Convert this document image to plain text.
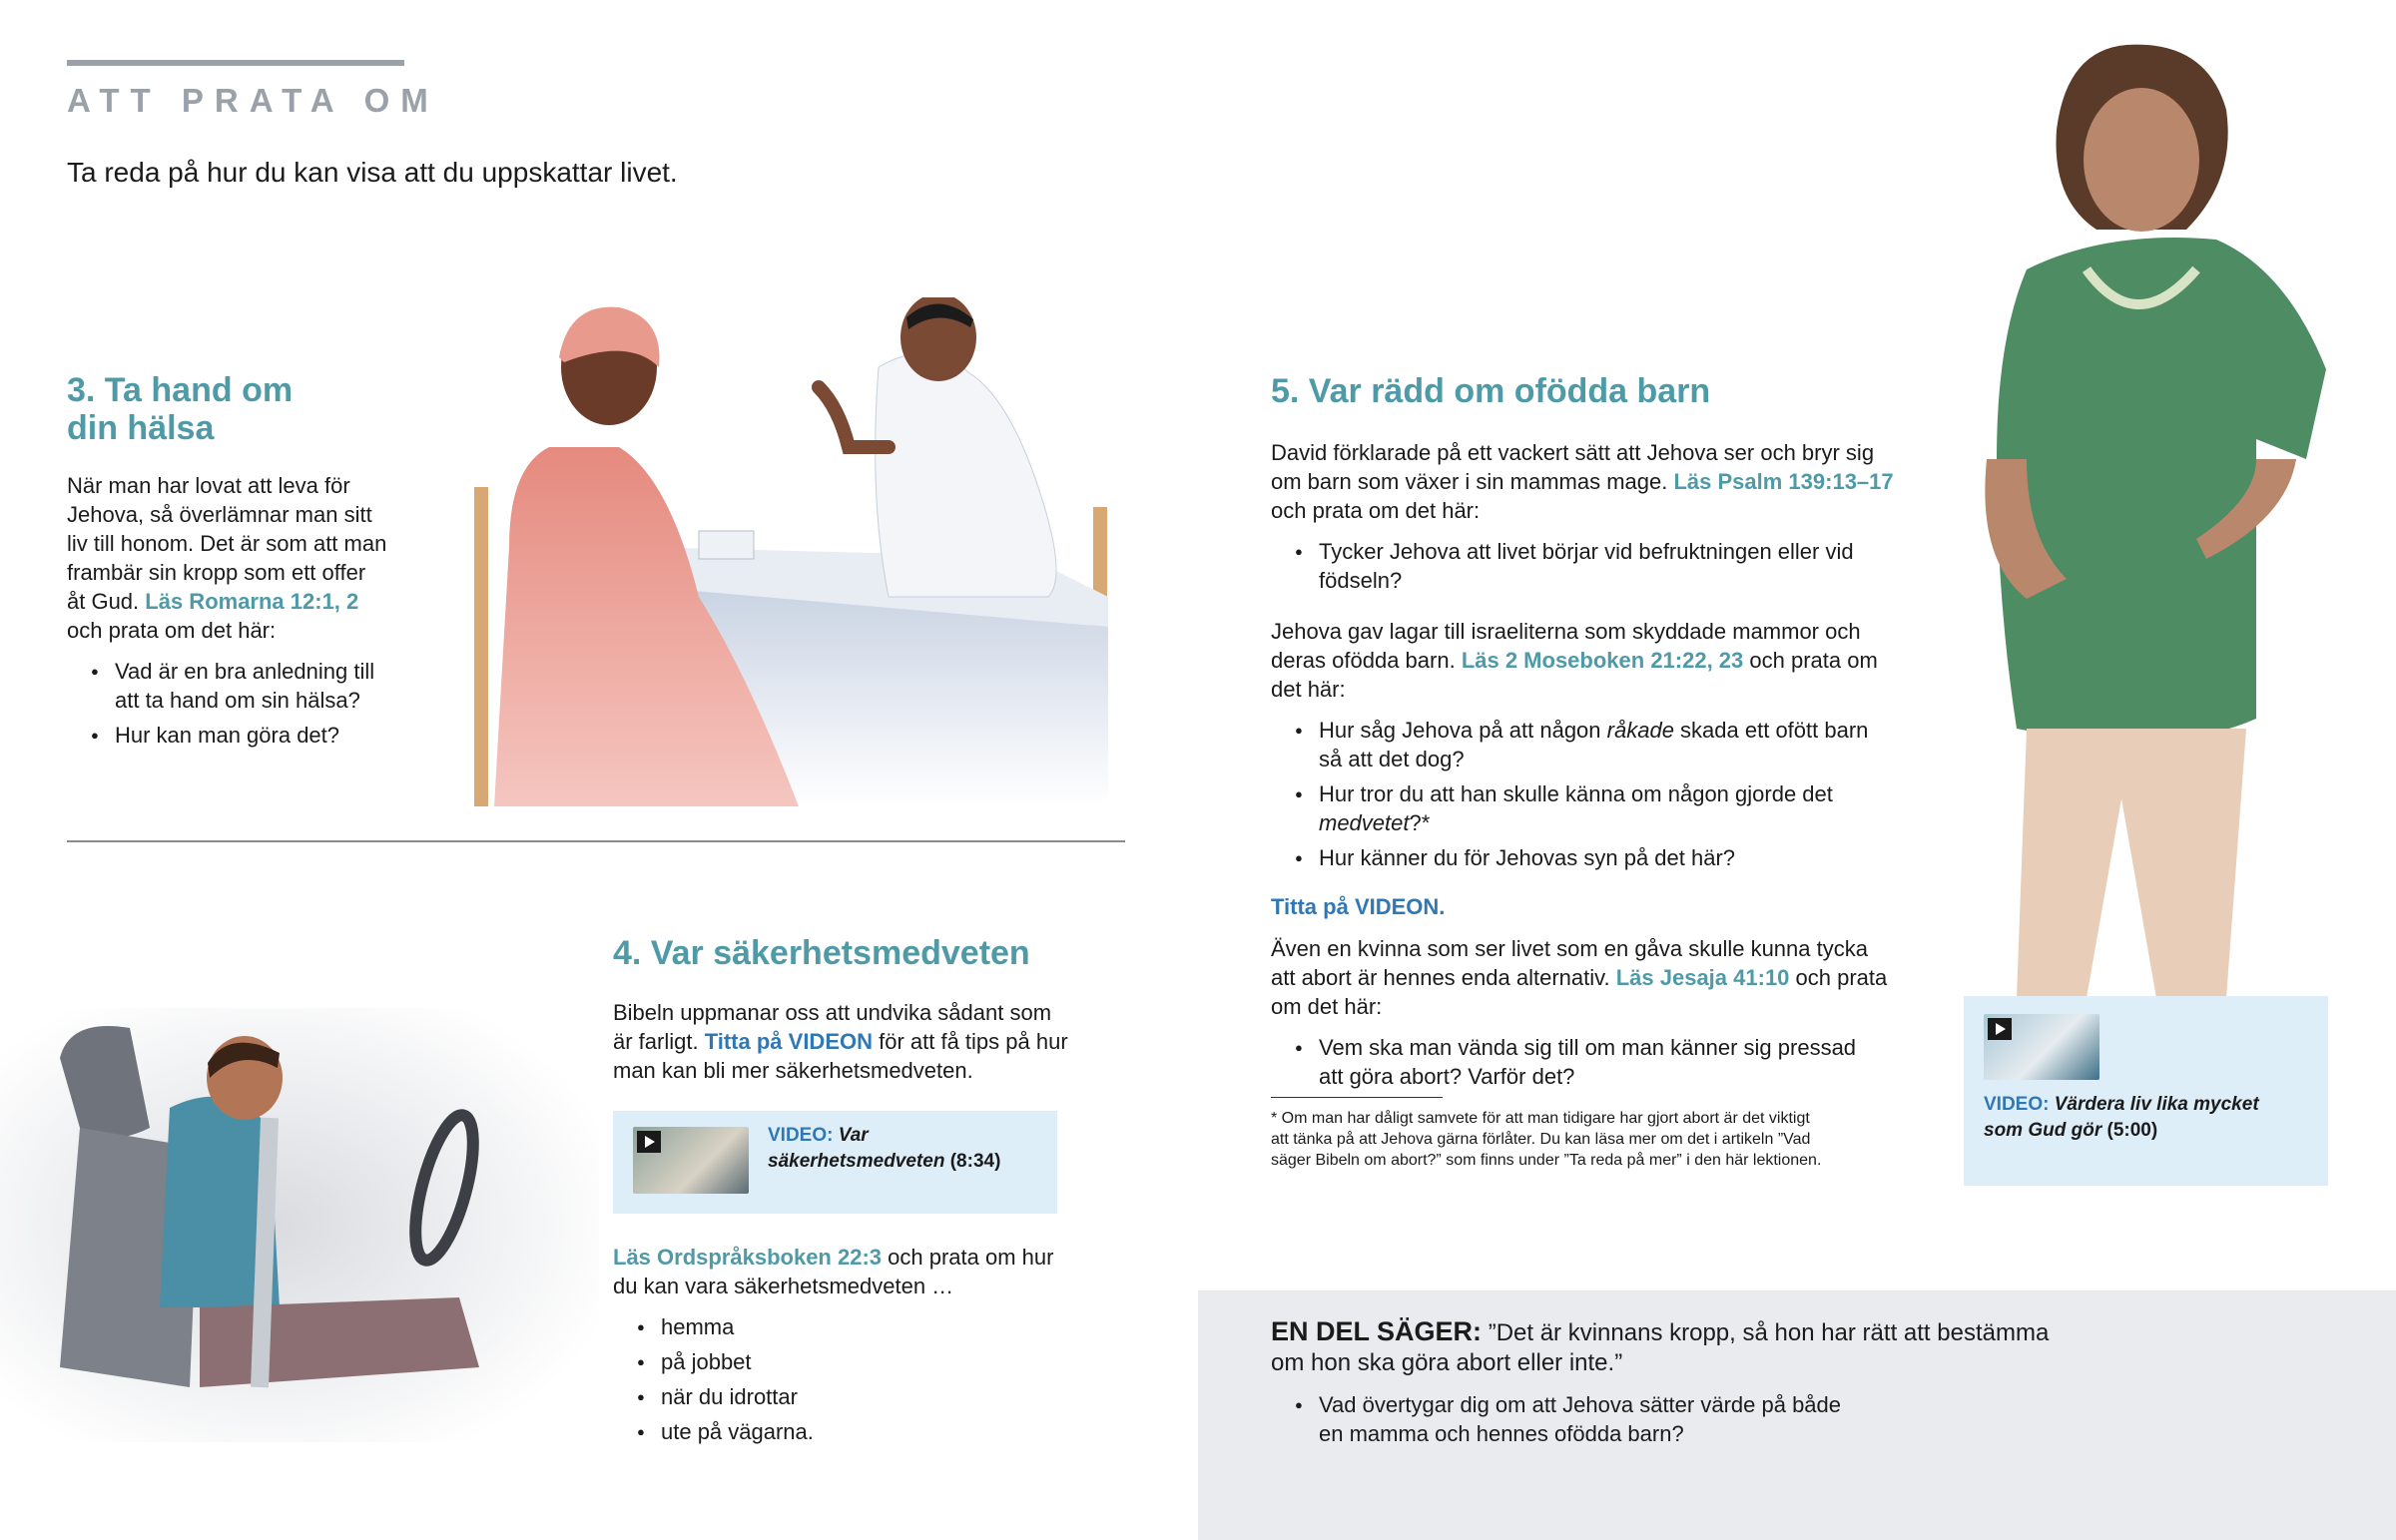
ATT PRATA OM
Ta reda på hur du kan visa att du uppskattar livet.
3. Ta hand om
din hälsa

När man har lovat att leva för
Jehova, så överlämnar man sitt
liv till honom. Det är som att man
frambär sin kropp som ett offer
åt Gud. Läs Romarna 12:1, 2
och prata om det här:

● Vad är en bra anledning till
att ta hand om sin hälsa?
● Hur kan man göra det?
4. Var säkerhetsmedveten

Bibeln uppmanar oss att undvika sådant som
är farligt. Titta på VIDEON för att få tips på hur
man kan bli mer säkerhetsmedveten.

VIDEO: Var
säkerhetsmedveten (8:34)

Läs Ordspråksboken 22:3 och prata om hur
du kan vara säkerhetsmedveten …

● hemma
● på jobbet
● när du idrottar
● ute på vägarna.
5. Var rädd om ofödda barn

David förklarade på ett vackert sätt att Jehova ser och bryr sig
om barn som växer i sin mammas mage. Läs Psalm 139:13–17
och prata om det här:

● Tycker Jehova att livet börjar vid befruktningen eller vid
födseln?

Jehova gav lagar till israeliterna som skyddade mammor och
deras ofödda barn. Läs 2 Moseboken 21:22, 23 och prata om
det här:

● Hur såg Jehova på att någon råkade skada ett ofött barn
så att det dog?
● Hur tror du att han skulle känna om någon gjorde det
medvetet?*
● Hur känner du för Jehovas syn på det här?
Titta på VIDEON.

Även en kvinna som ser livet som en gåva skulle kunna tycka
att abort är hennes enda alternativ. Läs Jesaja 41:10 och prata
om det här:

● Vem ska man vända sig till om man känner sig pressad
att göra abort? Varför det?
* Om man har dåligt samvete för att man tidigare har gjort abort är det viktigt
att tänka på att Jehova gärna förlåter. Du kan läsa mer om det i artikeln ”Vad
säger Bibeln om abort?” som finns under ”Ta reda på mer” i den här lektionen.
VIDEO: Värdera liv lika mycket
som Gud gör (5:00)
EN DEL SÄGER: ”Det är kvinnans kropp, så hon har rätt att bestämma
om hon ska göra abort eller inte.”
● Vad övertygar dig om att Jehova sätter värde på både
en mamma och hennes ofödda barn?
